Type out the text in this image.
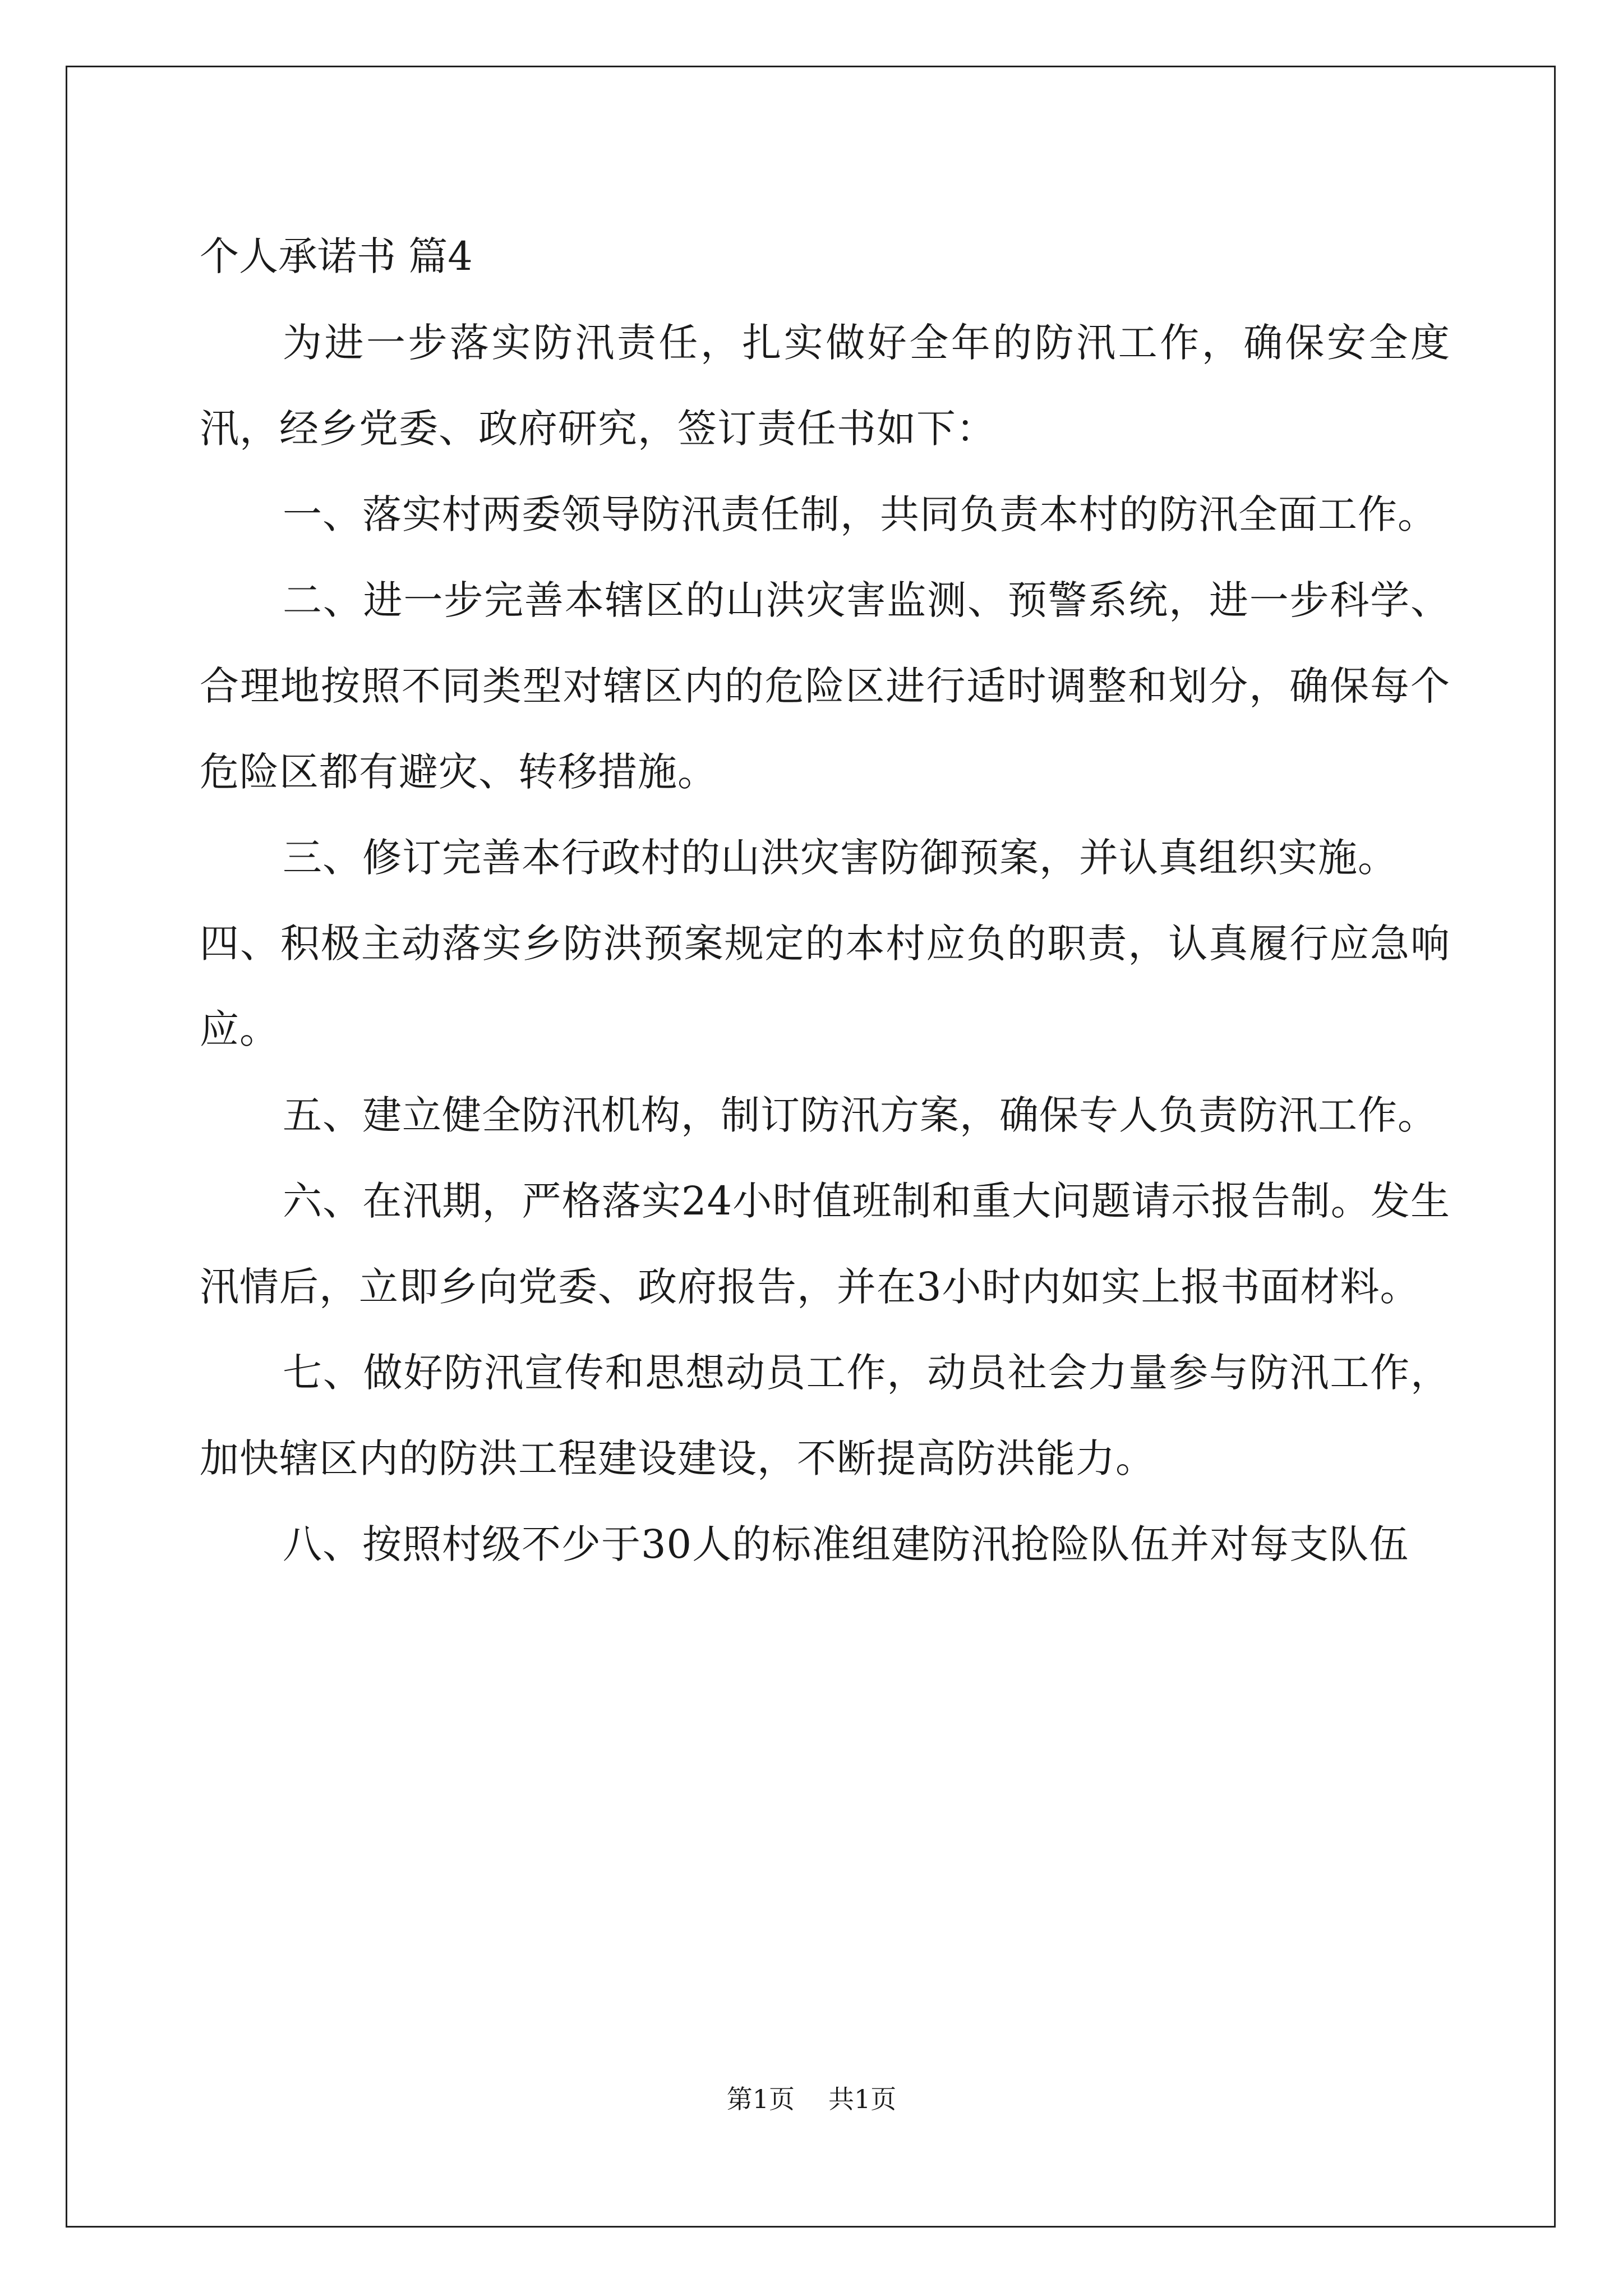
个人承诺书 篇4

为进一步落实防汛责任，扎实做好全年的防汛工作，确保安全度汛，经乡党委、政府研究，签订责任书如下：

一、落实村两委领导防汛责任制，共同负责本村的防汛全面工作。

二、进一步完善本辖区的山洪灾害监测、预警系统，进一步科学、合理地按照不同类型对辖区内的危险区进行适时调整和划分，确保每个危险区都有避灾、转移措施。

三、修订完善本行政村的山洪灾害防御预案，并认真组织实施。

四、积极主动落实乡防洪预案规定的本村应负的职责，认真履行应急响应。

五、建立健全防汛机构，制订防汛方案，确保专人负责防汛工作。

六、在汛期，严格落实24小时值班制和重大问题请示报告制。发生汛情后，立即乡向党委、政府报告，并在3小时内如实上报书面材料。

七、做好防汛宣传和思想动员工作，动员社会力量参与防汛工作，加快辖区内的防洪工程建设建设，不断提高防洪能力。

八、按照村级不少于30人的标准组建防汛抢险队伍并对每支队伍

第1页 共1页
